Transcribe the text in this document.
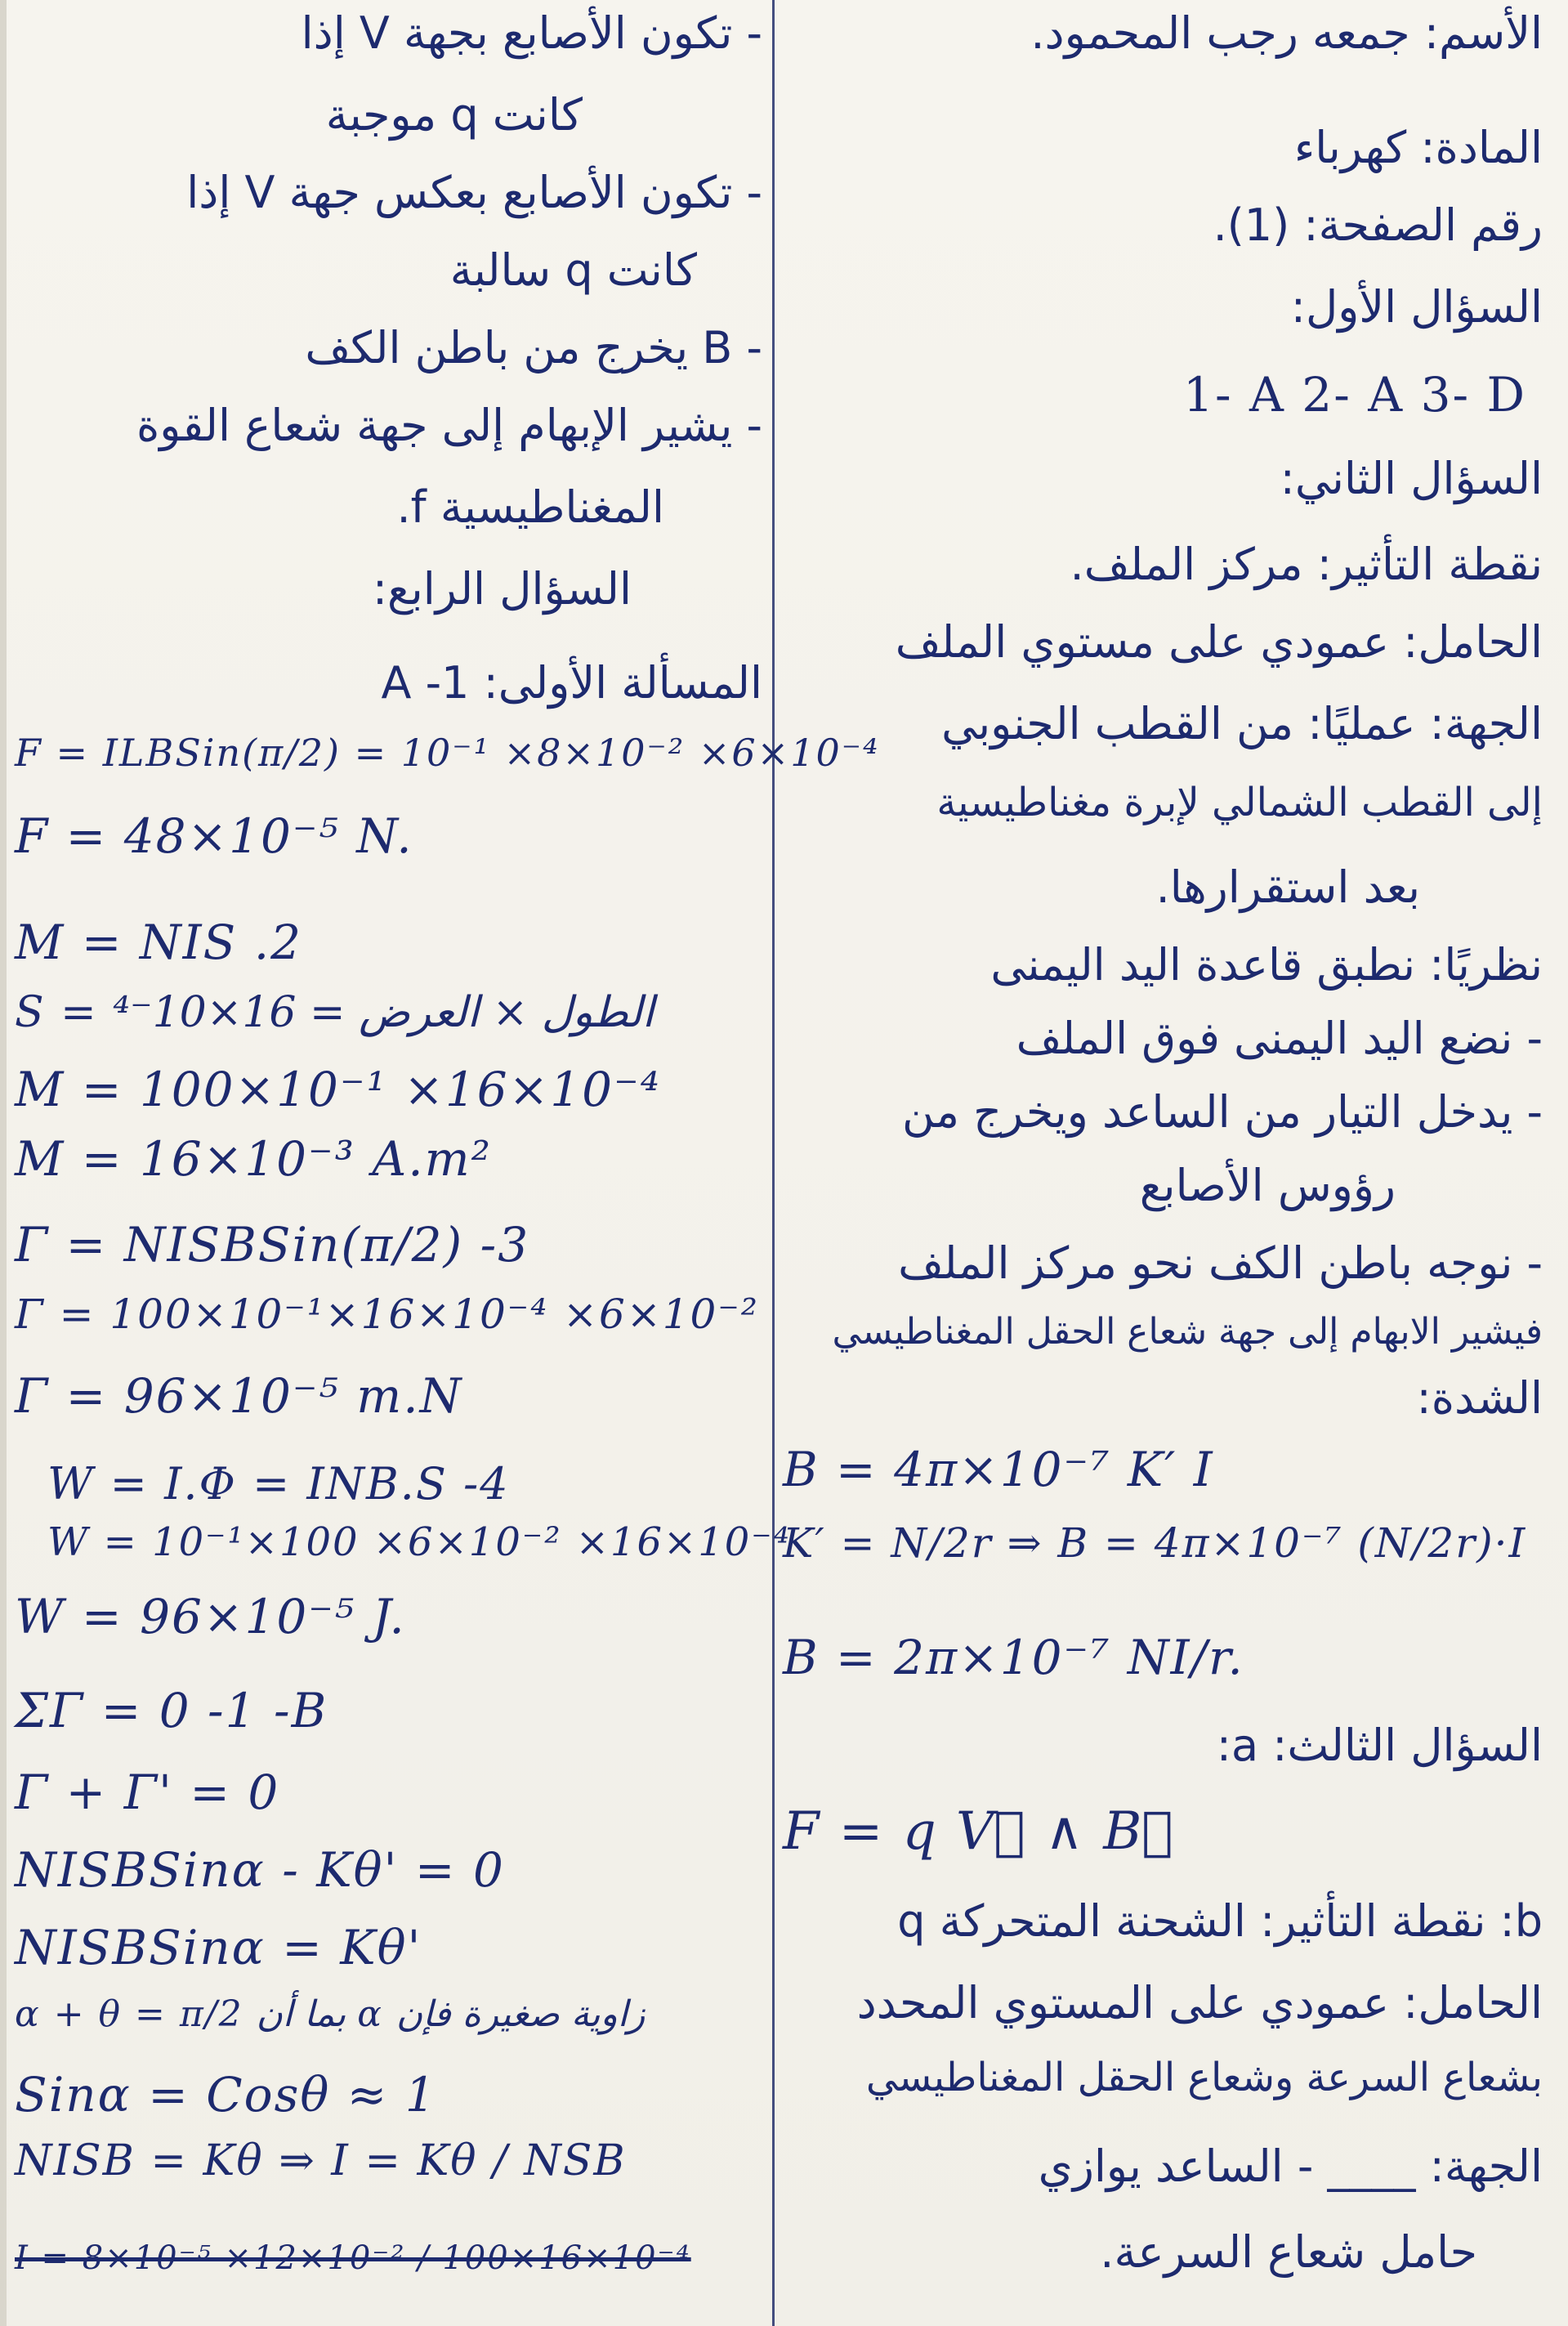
الأسم: جمعه رجب المحمود.
المادة: كهرباء
رقم الصفحة: (1).
السؤال الأول:
1- A 2- A 3- D
السؤال الثاني:
نقطة التأثير: مركز الملف.
الحامل: عمودي على مستوي الملف
الجهة: عمليًا: من القطب الجنوبي
إلى القطب الشمالي لإبرة مغناطيسية
بعد استقرارها.
نظريًا: نطبق قاعدة اليد اليمنى
- نضع اليد اليمنى فوق الملف
- يدخل التيار من الساعد ويخرج من
رؤوس الأصابع
- نوجه باطن الكف نحو مركز الملف
فيشير الابهام إلى جهة شعاع الحقل المغناطيسي
الشدة:
B = 4π×10⁻⁷ K′ I
K′ = N/2r ⇒ B = 4π×10⁻⁷ (N/2r)·I
B = 2π×10⁻⁷ NI/r.
السؤال الثالث: a:
F = q V⃗ ∧ B⃗
b: نقطة التأثير: الشحنة المتحركة q
الحامل: عمودي على المستوي المحدد
بشعاع السرعة وشعاع الحقل المغناطيسي
الجهة: ____ - الساعد يوازي
حامل شعاع السرعة.
- تكون الأصابع بجهة V إذا
كانت q موجبة
- تكون الأصابع بعكس جهة V إذا
كانت q سالبة
- B يخرج من باطن الكف
- يشير الإبهام إلى جهة شعاع القوة
المغناطيسية f.
السؤال الرابع:
المسألة الأولى: A -1
F = ILBSin(π/2) = 10⁻¹ ×8×10⁻² ×6×10⁻⁴
F = 48×10⁻⁵ N.
M = NIS .2
S = الطول × العرض = 16×10⁻⁴
M = 100×10⁻¹ ×16×10⁻⁴
M = 16×10⁻³ A.m²
Γ = NISBSin(π/2) -3
Γ = 100×10⁻¹×16×10⁻⁴ ×6×10⁻²
Γ = 96×10⁻⁵ m.N
W = I.Φ = INB.S -4
W = 10⁻¹×100 ×6×10⁻² ×16×10⁻⁴
W = 96×10⁻⁵ J.
ΣΓ = 0 -1 -B
Γ + Γ' = 0
NISBSinα - Kθ' = 0
NISBSinα = Kθ'
α + θ = π/2 بما أن α زاوية صغيرة فإن
Sinα = Cosθ ≈ 1
NISB = Kθ ⇒ I = Kθ / NSB
I = 8×10⁻⁵ ×12×10⁻² / 100×16×10⁻⁴
